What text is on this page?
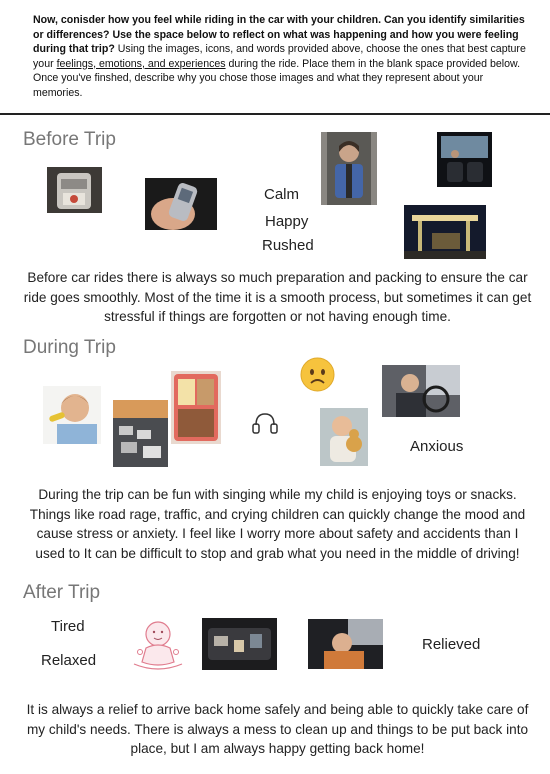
Now, conisder how you feel while riding in the car with your children. Can you identify similarities or differences? Use the space below to reflect on what was happening and how you were feeling during that trip? Using the images, icons, and words provided above, choose the ones that best capture your feelings, emotions, and experiences during the ride. Place them in the blank space provided below. Once you've finshed, describe why you chose those images and what they represent about your memories.
Before Trip
Calm
Happy
Rushed
Before car rides there is always so much preparation and packing to ensure the car ride goes smoothly. Most of the time it is a smooth process, but sometimes it can get stressful if things are forgotten or not having enough time.
During Trip
Anxious
During the trip can be fun with singing while my child is enjoying toys or snacks. Things like road rage, traffic, and crying children can quickly change the mood and cause stress or anxiety. I feel like I worry more about safety and accidents than I used to It can be difficult to stop and grab what you need in the middle of driving!
After Trip
Tired
Relaxed
Relieved
It is always a relief to arrive back home safely and being able to quickly take care of my child's needs. There is always a mess to clean up and things to be put back into place, but I am always happy getting back home!
